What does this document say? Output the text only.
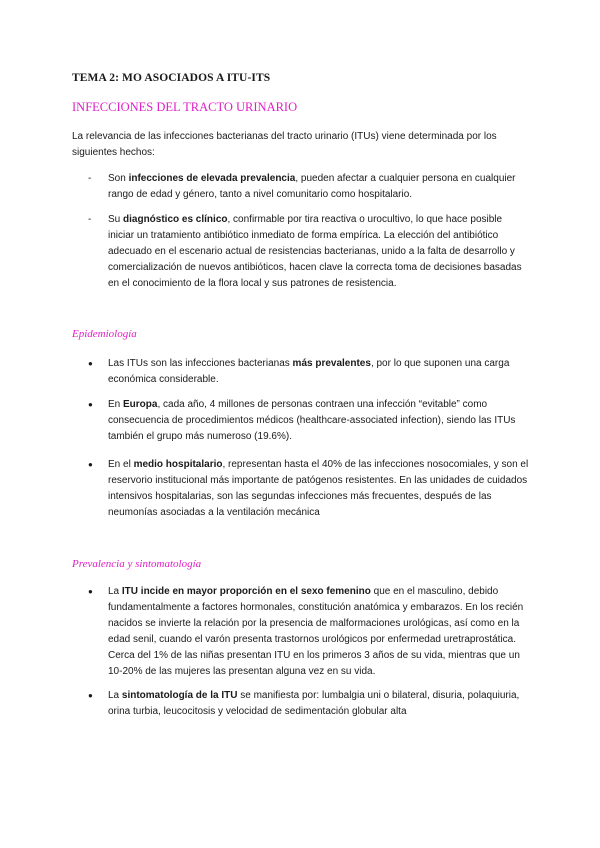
TEMA 2: MO ASOCIADOS A ITU-ITS
INFECCIONES DEL TRACTO URINARIO
La relevancia de las infecciones bacterianas del tracto urinario (ITUs) viene determinada por los siguientes hechos:
- Son infecciones de elevada prevalencia, pueden afectar a cualquier persona en cualquier rango de edad y género, tanto a nivel comunitario como hospitalario.
- Su diagnóstico es clínico, confirmable por tira reactiva o urocultivo, lo que hace posible iniciar un tratamiento antibiótico inmediato de forma empírica. La elección del antibiótico adecuado en el escenario actual de resistencias bacterianas, unido a la falta de desarrollo y comercialización de nuevos antibióticos, hacen clave la correcta toma de decisiones basadas en el conocimiento de la flora local y sus patrones de resistencia.
Epidemiología
● Las ITUs son las infecciones bacterianas más prevalentes, por lo que suponen una carga económica considerable.
● En Europa, cada año, 4 millones de personas contraen una infección “evitable” como consecuencia de procedimientos médicos (healthcare-associated infection), siendo las ITUs también el grupo más numeroso (19.6%).
● En el medio hospitalario, representan hasta el 40% de las infecciones nosocomiales, y son el reservorio institucional más importante de patógenos resistentes. En las unidades de cuidados intensivos hospitalarias, son las segundas infecciones más frecuentes, después de las neumonías asociadas a la ventilación mecánica
Prevalencia y sintomatología
● La ITU incide en mayor proporción en el sexo femenino que en el masculino, debido fundamentalmente a factores hormonales, constitución anatómica y embarazos. En los recién nacidos se invierte la relación por la presencia de malformaciones urológicas, así como en la edad senil, cuando el varón presenta trastornos urológicos por enfermedad uretraprostática. Cerca del 1% de las niñas presentan ITU en los primeros 3 años de su vida, mientras que un 10-20% de las mujeres las presentan alguna vez en su vida.
● La sintomatología de la ITU se manifiesta por: lumbalgia uni o bilateral, disuria, polaquiuria, orina turbia, leucocitosis y velocidad de sedimentación globular alta
